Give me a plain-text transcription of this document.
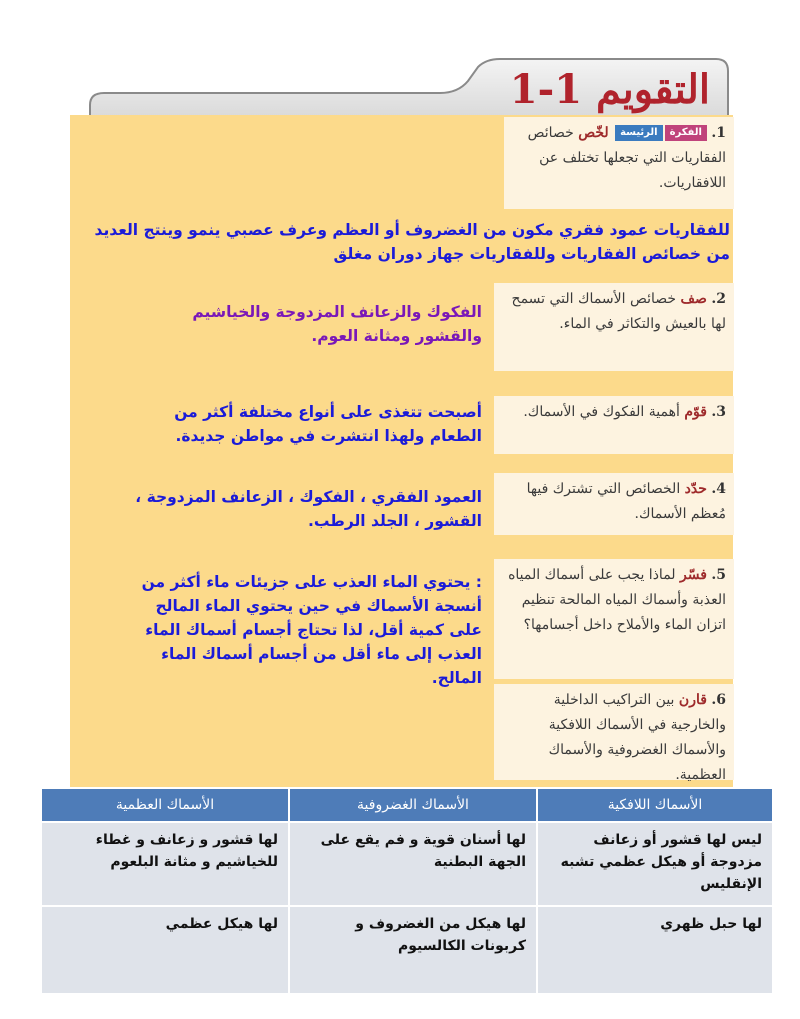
التقويم 1-1
1. الفكرةالرئيسة لخّص خصائص الفقاريات التي تجعلها تختلف عن اللافقاريات.
للفقاريات عمود فقري مكون من الغضروف أو العظم وعرف عصبي ينمو وينتج العديد من خصائص الفقاريات وللفقاريات جهاز دوران مغلق
2. صف خصائص الأسماك التي تسمح لها بالعيش والتكاثر في الماء.
الفكوك والزعانف المزدوجة والخياشيم والقشور ومثانة العوم.
3. قوّم أهمية الفكوك في الأسماك.
أصبحت تتغذى على أنواع مختلفة أكثر من الطعام ولهذا انتشرت في مواطن جديدة.
4. حدّد الخصائص التي تشترك فيها مُعظم الأسماك.
العمود الفقري ، الفكوك ، الزعانف المزدوجة ، القشور ، الجلد الرطب.
5. فسّر لماذا يجب على أسماك المياه العذبة وأسماك المياه المالحة تنظيم اتزان الماء والأملاح داخل أجسامها؟
: يحتوي الماء العذب على جزيئات ماء أكثر من أنسجة الأسماك في حين يحتوي الماء المالح على كمية أقل، لذا تحتاج أجسام أسماك الماء العذب إلى ماء أقل من أجسام أسماك الماء المالح.
6. قارن بين التراكيب الداخلية والخارجية في الأسماك اللافكية والأسماك الغضروفية والأسماك العظمية.
الأسماك اللافكية	الأسماك الغضروفية	الأسماك العظمية
ليس لها قشور أو زعانف مزدوجة أو هيكل عظمي تشبه الإنقليس	لها أسنان قوية و فم يقع على الجهة البطنية	لها قشور و زعانف و غطاء للخياشيم و مثانة البلعوم
لها حبل ظهري	لها هيكل من الغضروف و كربونات الكالسيوم	لها هيكل عظمي
